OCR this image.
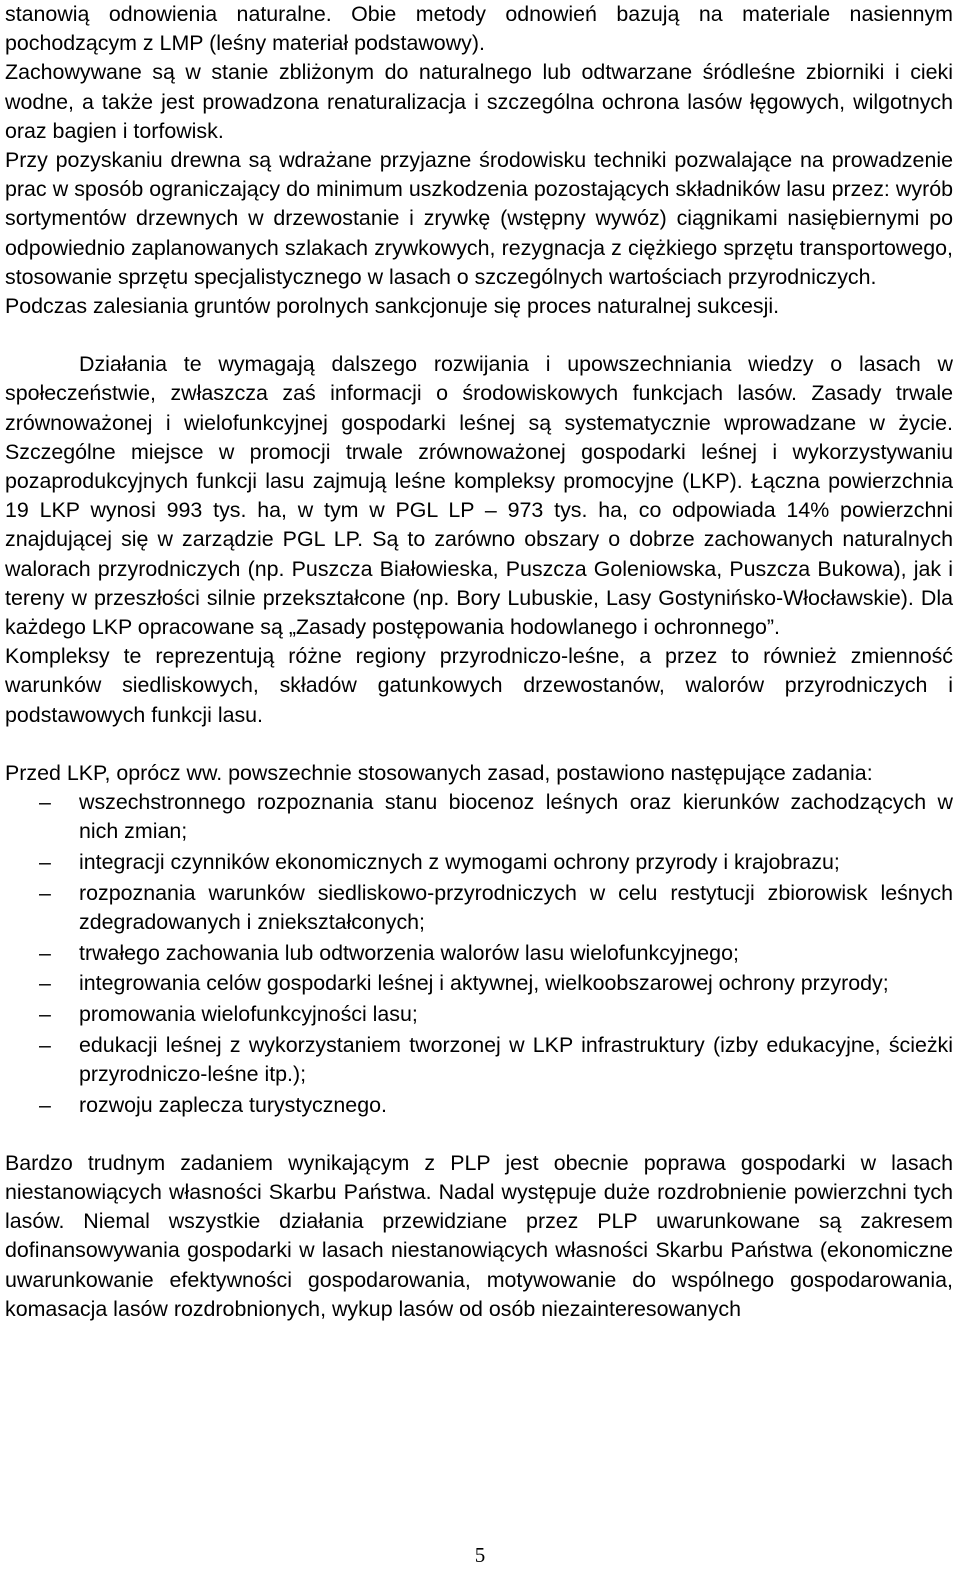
stanowią odnowienia naturalne. Obie metody odnowień bazują na materiale nasiennym pochodzącym z LMP (leśny materiał podstawowy).

Zachowywane są w stanie zbliżonym do naturalnego lub odtwarzane śródleśne zbiorniki i cieki wodne, a także jest prowadzona renaturalizacja i szczególna ochrona lasów łęgowych, wilgotnych oraz bagien i torfowisk.

Przy pozyskaniu drewna są wdrażane przyjazne środowisku techniki pozwalające na prowadzenie prac w sposób ograniczający do minimum uszkodzenia pozostających składników lasu przez: wyrób sortymentów drzewnych w drzewostanie i zrywkę (wstępny wywóz) ciągnikami nasiębiernymi po odpowiednio zaplanowanych szlakach zrywkowych, rezygnacja z ciężkiego sprzętu transportowego, stosowanie sprzętu specjalistycznego w lasach o szczególnych wartościach przyrodniczych.

Podczas zalesiania gruntów porolnych sankcjonuje się proces naturalnej sukcesji.

Działania te wymagają dalszego rozwijania i upowszechniania wiedzy o lasach w społeczeństwie, zwłaszcza zaś informacji o środowiskowych funkcjach lasów. Zasady trwale zrównoważonej i wielofunkcyjnej gospodarki leśnej są systematycznie wprowadzane w życie. Szczególne miejsce w promocji trwale zrównoważonej gospodarki leśnej i wykorzystywaniu pozaprodukcyjnych funkcji lasu zajmują leśne kompleksy promocyjne (LKP). Łączna powierzchnia 19 LKP wynosi 993 tys. ha, w tym w PGL LP – 973 tys. ha, co odpowiada 14% powierzchni znajdującej się w zarządzie PGL LP. Są to zarówno obszary o dobrze zachowanych naturalnych walorach przyrodniczych (np. Puszcza Białowieska, Puszcza Goleniowska, Puszcza Bukowa), jak i tereny w przeszłości silnie przekształcone (np. Bory Lubuskie, Lasy Gostynińsko-Włocławskie). Dla każdego LKP opracowane są „Zasady postępowania hodowlanego i ochronnego”.

Kompleksy te reprezentują różne regiony przyrodniczo-leśne, a przez to również zmienność warunków siedliskowych, składów gatunkowych drzewostanów, walorów przyrodniczych i podstawowych funkcji lasu.

Przed LKP, oprócz ww. powszechnie stosowanych zasad, postawiono następujące zadania:

– wszechstronnego rozpoznania stanu biocenoz leśnych oraz kierunków zachodzących w nich zmian;
– integracji czynników ekonomicznych z wymogami ochrony przyrody i krajobrazu;
– rozpoznania warunków siedliskowo-przyrodniczych w celu restytucji zbiorowisk leśnych zdegradowanych i zniekształconych;
– trwałego zachowania lub odtworzenia walorów lasu wielofunkcyjnego;
– integrowania celów gospodarki leśnej i aktywnej, wielkoobszarowej ochrony przyrody;
– promowania wielofunkcyjności lasu;
– edukacji leśnej z wykorzystaniem tworzonej w LKP infrastruktury (izby edukacyjne, ścieżki przyrodniczo-leśne itp.);
– rozwoju zaplecza turystycznego.

Bardzo trudnym zadaniem wynikającym z PLP jest obecnie poprawa gospodarki w lasach niestanowiących własności Skarbu Państwa. Nadal występuje duże rozdrobnienie powierzchni tych lasów. Niemal wszystkie działania przewidziane przez PLP uwarunkowane są zakresem dofinansowywania gospodarki w lasach niestanowiących własności Skarbu Państwa (ekonomiczne uwarunkowanie efektywności gospodarowania, motywowanie do wspólnego gospodarowania, komasacja lasów rozdrobnionych, wykup lasów od osób niezainteresowanych

5
